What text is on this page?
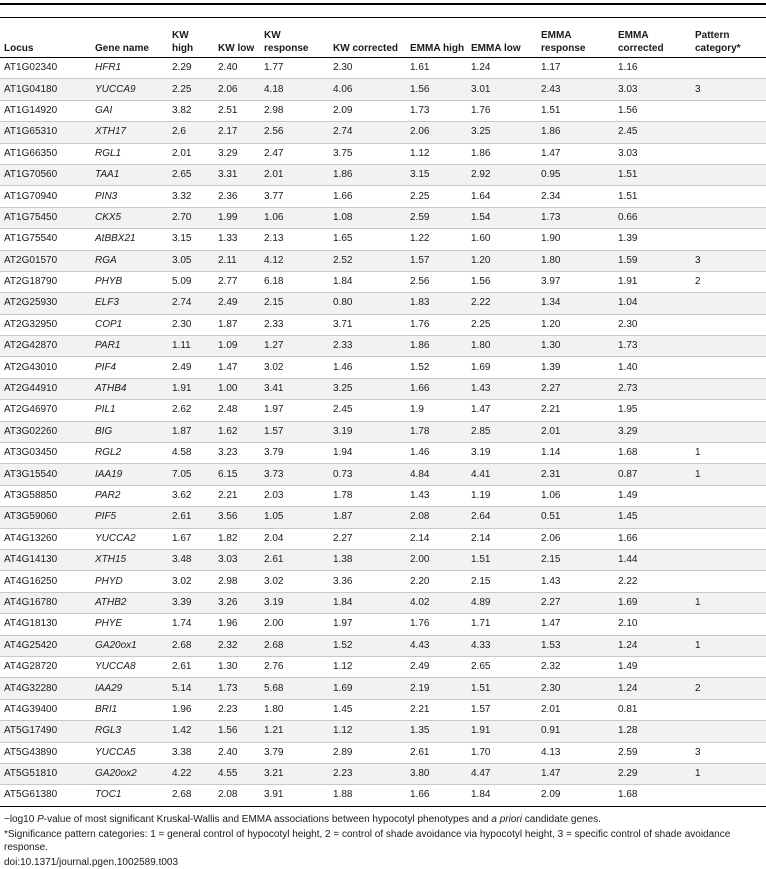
Locus	Gene name	KW high	KW low	KW response	KW corrected	EMMA high	EMMA low	EMMA response	EMMA corrected	Pattern category*
AT1G02340	HFR1	2.29	2.40	1.77	2.30	1.61	1.24	1.17	1.16	
AT1G04180	YUCCA9	2.25	2.06	4.18	4.06	1.56	3.01	2.43	3.03	3
AT1G14920	GAI	3.82	2.51	2.98	2.09	1.73	1.76	1.51	1.56	
AT1G65310	XTH17	2.6	2.17	2.56	2.74	2.06	3.25	1.86	2.45	
AT1G66350	RGL1	2.01	3.29	2.47	3.75	1.12	1.86	1.47	3.03	
AT1G70560	TAA1	2.65	3.31	2.01	1.86	3.15	2.92	0.95	1.51	
AT1G70940	PIN3	3.32	2.36	3.77	1.66	2.25	1.64	2.34	1.51	
AT1G75450	CKX5	2.70	1.99	1.06	1.08	2.59	1.54	1.73	0.66	
AT1G75540	AtBBX21	3.15	1.33	2.13	1.65	1.22	1.60	1.90	1.39	
AT2G01570	RGA	3.05	2.11	4.12	2.52	1.57	1.20	1.80	1.59	3
AT2G18790	PHYB	5.09	2.77	6.18	1.84	2.56	1.56	3.97	1.91	2
AT2G25930	ELF3	2.74	2.49	2.15	0.80	1.83	2.22	1.34	1.04	
AT2G32950	COP1	2.30	1.87	2.33	3.71	1.76	2.25	1.20	2.30	
AT2G42870	PAR1	1.11	1.09	1.27	2.33	1.86	1.80	1.30	1.73	
AT2G43010	PIF4	2.49	1.47	3.02	1.46	1.52	1.69	1.39	1.40	
AT2G44910	ATHB4	1.91	1.00	3.41	3.25	1.66	1.43	2.27	2.73	
AT2G46970	PIL1	2.62	2.48	1.97	2.45	1.9	1.47	2.21	1.95	
AT3G02260	BIG	1.87	1.62	1.57	3.19	1.78	2.85	2.01	3.29	
AT3G03450	RGL2	4.58	3.23	3.79	1.94	1.46	3.19	1.14	1.68	1
AT3G15540	IAA19	7.05	6.15	3.73	0.73	4.84	4.41	2.31	0.87	1
AT3G58850	PAR2	3.62	2.21	2.03	1.78	1.43	1.19	1.06	1.49	
AT3G59060	PIF5	2.61	3.56	1.05	1.87	2.08	2.64	0.51	1.45	
AT4G13260	YUCCA2	1.67	1.82	2.04	2.27	2.14	2.14	2.06	1.66	
AT4G14130	XTH15	3.48	3.03	2.61	1.38	2.00	1.51	2.15	1.44	
AT4G16250	PHYD	3.02	2.98	3.02	3.36	2.20	2.15	1.43	2.22	
AT4G16780	ATHB2	3.39	3.26	3.19	1.84	4.02	4.89	2.27	1.69	1
AT4G18130	PHYE	1.74	1.96	2.00	1.97	1.76	1.71	1.47	2.10	
AT4G25420	GA20ox1	2.68	2.32	2.68	1.52	4.43	4.33	1.53	1.24	1
AT4G28720	YUCCA8	2.61	1.30	2.76	1.12	2.49	2.65	2.32	1.49	
AT4G32280	IAA29	5.14	1.73	5.68	1.69	2.19	1.51	2.30	1.24	2
AT4G39400	BRI1	1.96	2.23	1.80	1.45	2.21	1.57	2.01	0.81	
AT5G17490	RGL3	1.42	1.56	1.21	1.12	1.35	1.91	0.91	1.28	
AT5G43890	YUCCA5	3.38	2.40	3.79	2.89	2.61	1.70	4.13	2.59	3
AT5G51810	GA20ox2	4.22	4.55	3.21	2.23	3.80	4.47	1.47	2.29	1
AT5G61380	TOC1	2.68	2.08	3.91	1.88	1.66	1.84	2.09	1.68	

−log10 P-value of most significant Kruskal-Wallis and EMMA associations between hypocotyl phenotypes and a priori candidate genes.

*Significance pattern categories: 1 = general control of hypocotyl height, 2 = control of shade avoidance via hypocotyl height, 3 = specific control of shade avoidance response.

doi:10.1371/journal.pgen.1002589.t003
